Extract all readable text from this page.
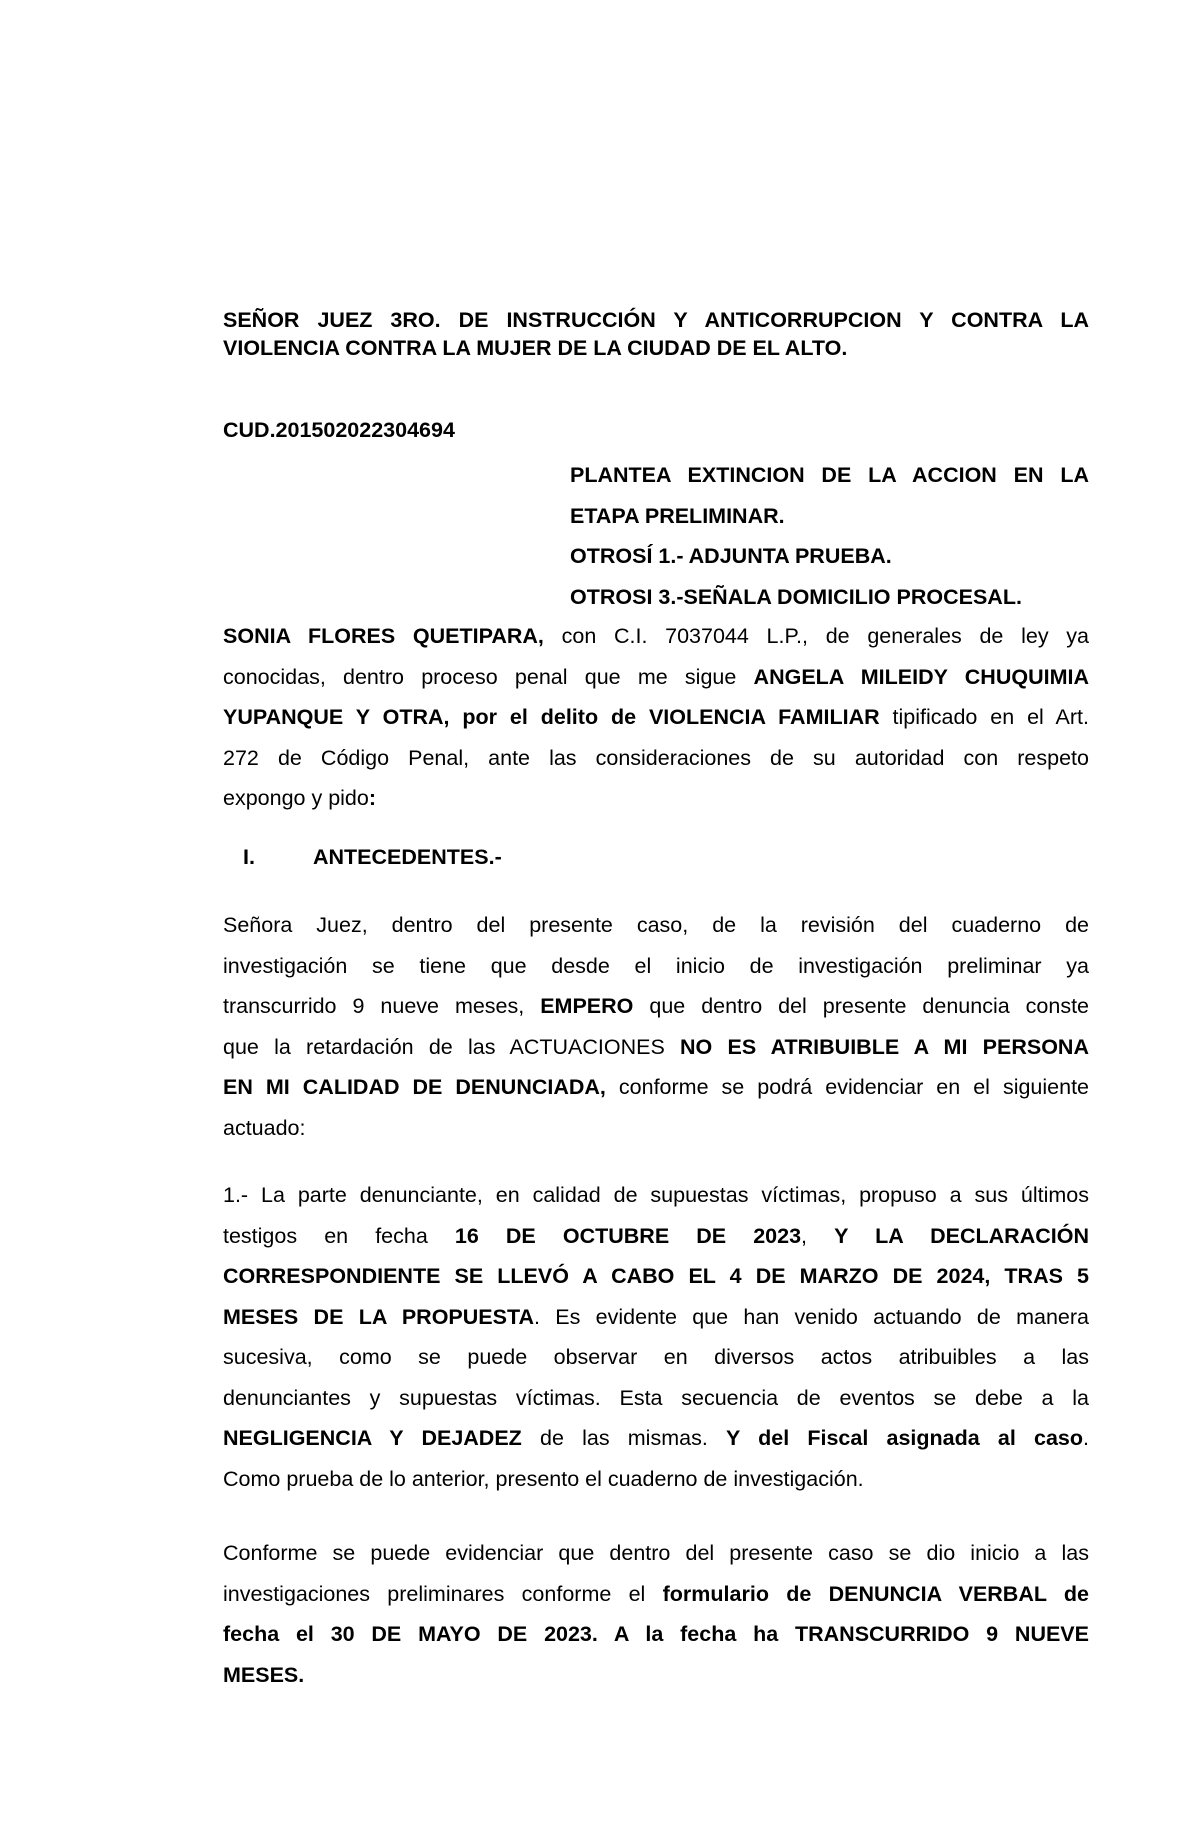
SEÑOR JUEZ 3RO. DE INSTRUCCIÓN Y ANTICORRUPCION Y CONTRA LA
VIOLENCIA CONTRA LA MUJER DE LA CIUDAD DE EL ALTO.
CUD.201502022304694
PLANTEA EXTINCION DE LA ACCION EN LA
ETAPA PRELIMINAR.
OTROSÍ 1.- ADJUNTA PRUEBA.
OTROSI 3.-SEÑALA DOMICILIO PROCESAL.
SONIA FLORES QUETIPARA, con C.I. 7037044 L.P., de generales de ley ya
conocidas, dentro proceso penal que me sigue ANGELA MILEIDY CHUQUIMIA
YUPANQUE Y OTRA, por el delito de VIOLENCIA FAMILIAR tipificado en el Art.
272 de Código Penal, ante las consideraciones de su autoridad con respeto
expongo y pido:
I.	ANTECEDENTES.-
Señora Juez, dentro del presente caso, de la revisión del cuaderno de
investigación se tiene que desde el inicio de investigación preliminar ya
transcurrido 9 nueve meses, EMPERO que dentro del presente denuncia conste
que la retardación de las ACTUACIONES NO ES ATRIBUIBLE A MI PERSONA
EN MI CALIDAD DE DENUNCIADA, conforme se podrá evidenciar en el siguiente
actuado:
1.- La parte denunciante, en calidad de supuestas víctimas, propuso a sus últimos
testigos en fecha 16 DE OCTUBRE DE 2023, Y LA DECLARACIÓN
CORRESPONDIENTE SE LLEVÓ A CABO EL 4 DE MARZO DE 2024, TRAS 5
MESES DE LA PROPUESTA. Es evidente que han venido actuando de manera
sucesiva, como se puede observar en diversos actos atribuibles a las
denunciantes y supuestas víctimas. Esta secuencia de eventos se debe a la
NEGLIGENCIA Y DEJADEZ de las mismas. Y del Fiscal asignada al caso.
Como prueba de lo anterior, presento el cuaderno de investigación.
Conforme se puede evidenciar que dentro del presente caso se dio inicio a las
investigaciones preliminares conforme el formulario de DENUNCIA VERBAL de
fecha el 30 DE MAYO DE 2023. A la fecha ha TRANSCURRIDO 9 NUEVE
MESES.
